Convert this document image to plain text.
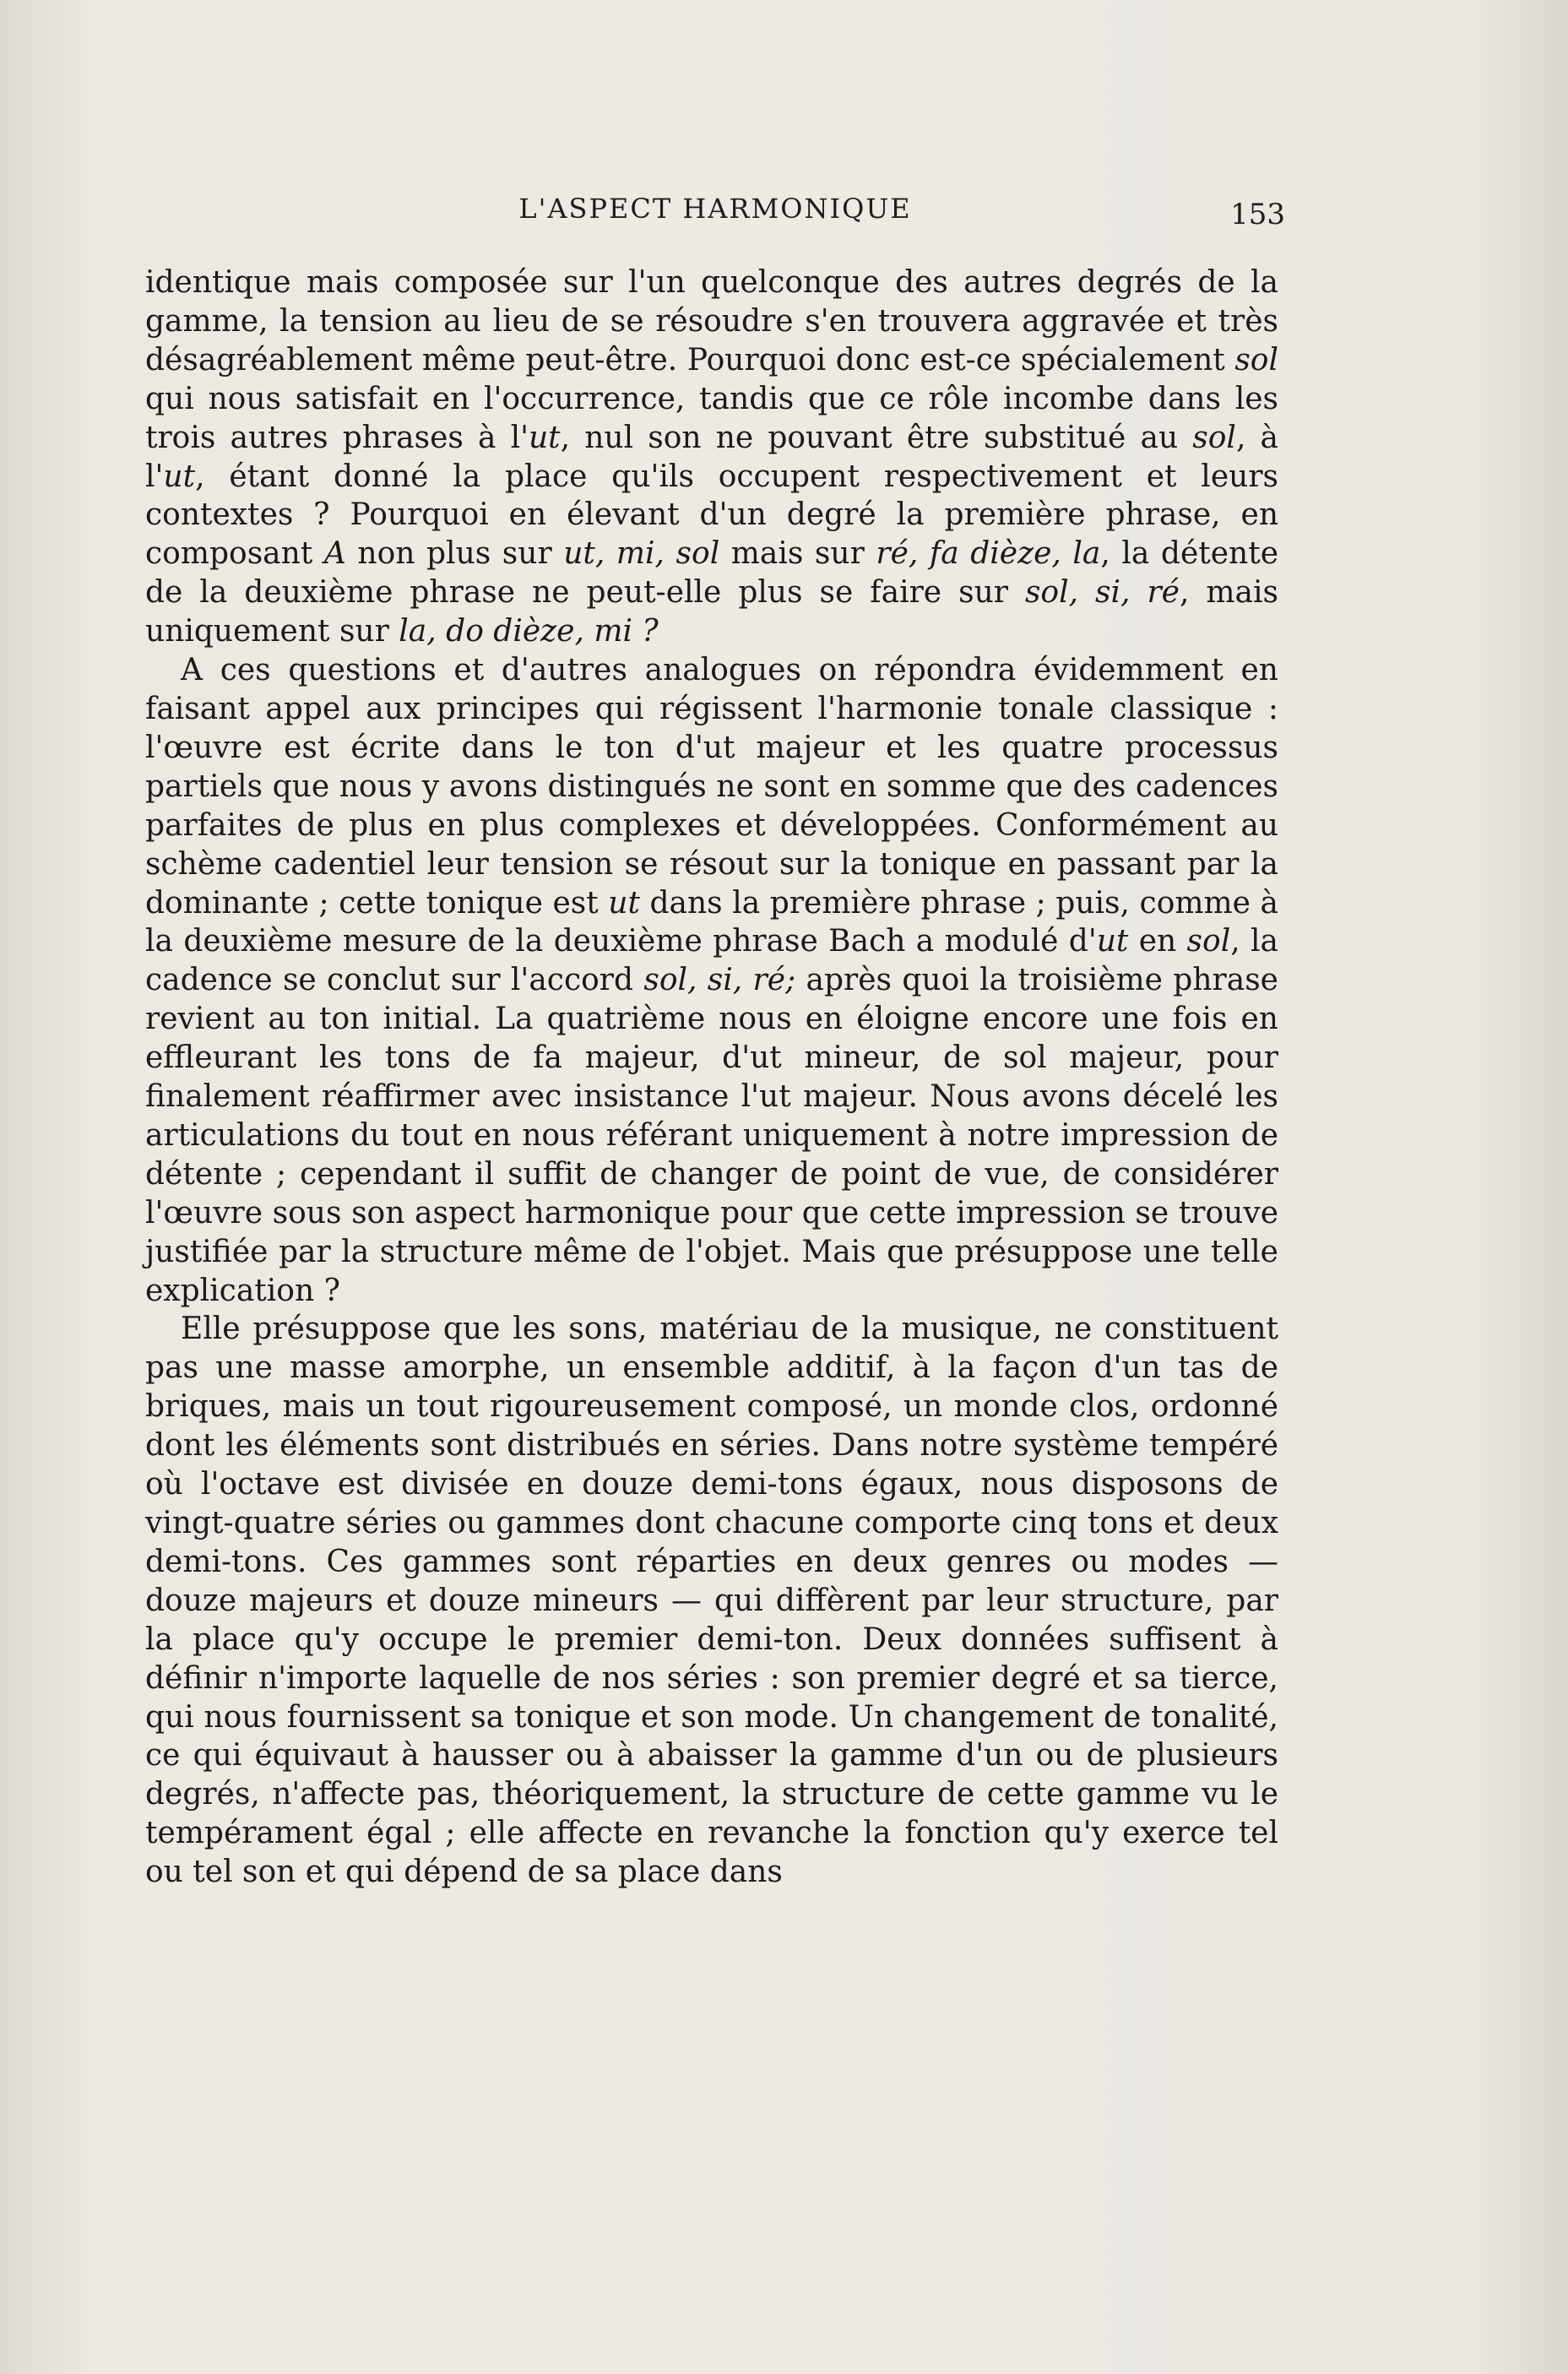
L'ASPECT HARMONIQUE	153

identique mais composée sur l'un quelconque des autres degrés de la gamme, la tension au lieu de se résoudre s'en trouvera aggravée et très désagréablement même peut-être. Pourquoi donc est-ce spécialement sol qui nous satisfait en l'occurrence, tandis que ce rôle incombe dans les trois autres phrases à l'ut, nul son ne pouvant être substitué au sol, à l'ut, étant donné la place qu'ils occupent respectivement et leurs contextes ? Pourquoi en élevant d'un degré la première phrase, en composant A non plus sur ut, mi, sol mais sur ré, fa dièze, la, la détente de la deuxième phrase ne peut-elle plus se faire sur sol, si, ré, mais uniquement sur la, do dièze, mi ?

A ces questions et d'autres analogues on répondra évidemment en faisant appel aux principes qui régissent l'harmonie tonale classique : l'œuvre est écrite dans le ton d'ut majeur et les quatre processus partiels que nous y avons distingués ne sont en somme que des cadences parfaites de plus en plus complexes et développées. Conformément au schème cadentiel leur tension se résout sur la tonique en passant par la dominante ; cette tonique est ut dans la première phrase ; puis, comme à la deuxième mesure de la deuxième phrase Bach a modulé d'ut en sol, la cadence se conclut sur l'accord sol, si, ré; après quoi la troisième phrase revient au ton initial. La quatrième nous en éloigne encore une fois en effleurant les tons de fa majeur, d'ut mineur, de sol majeur, pour finalement réaffirmer avec insistance l'ut majeur. Nous avons décelé les articulations du tout en nous référant uniquement à notre impression de détente ; cependant il suffit de changer de point de vue, de considérer l'œuvre sous son aspect harmonique pour que cette impression se trouve justifiée par la structure même de l'objet. Mais que présuppose une telle explication ?

Elle présuppose que les sons, matériau de la musique, ne constituent pas une masse amorphe, un ensemble additif, à la façon d'un tas de briques, mais un tout rigoureusement composé, un monde clos, ordonné dont les éléments sont distribués en séries. Dans notre système tempéré où l'octave est divisée en douze demi-tons égaux, nous disposons de vingt-quatre séries ou gammes dont chacune comporte cinq tons et deux demi-tons. Ces gammes sont réparties en deux genres ou modes — douze majeurs et douze mineurs — qui diffèrent par leur structure, par la place qu'y occupe le premier demi-ton. Deux données suffisent à définir n'importe laquelle de nos séries : son premier degré et sa tierce, qui nous fournissent sa tonique et son mode. Un changement de tonalité, ce qui équivaut à hausser ou à abaisser la gamme d'un ou de plusieurs degrés, n'affecte pas, théoriquement, la structure de cette gamme vu le tempérament égal ; elle affecte en revanche la fonction qu'y exerce tel ou tel son et qui dépend de sa place dans
